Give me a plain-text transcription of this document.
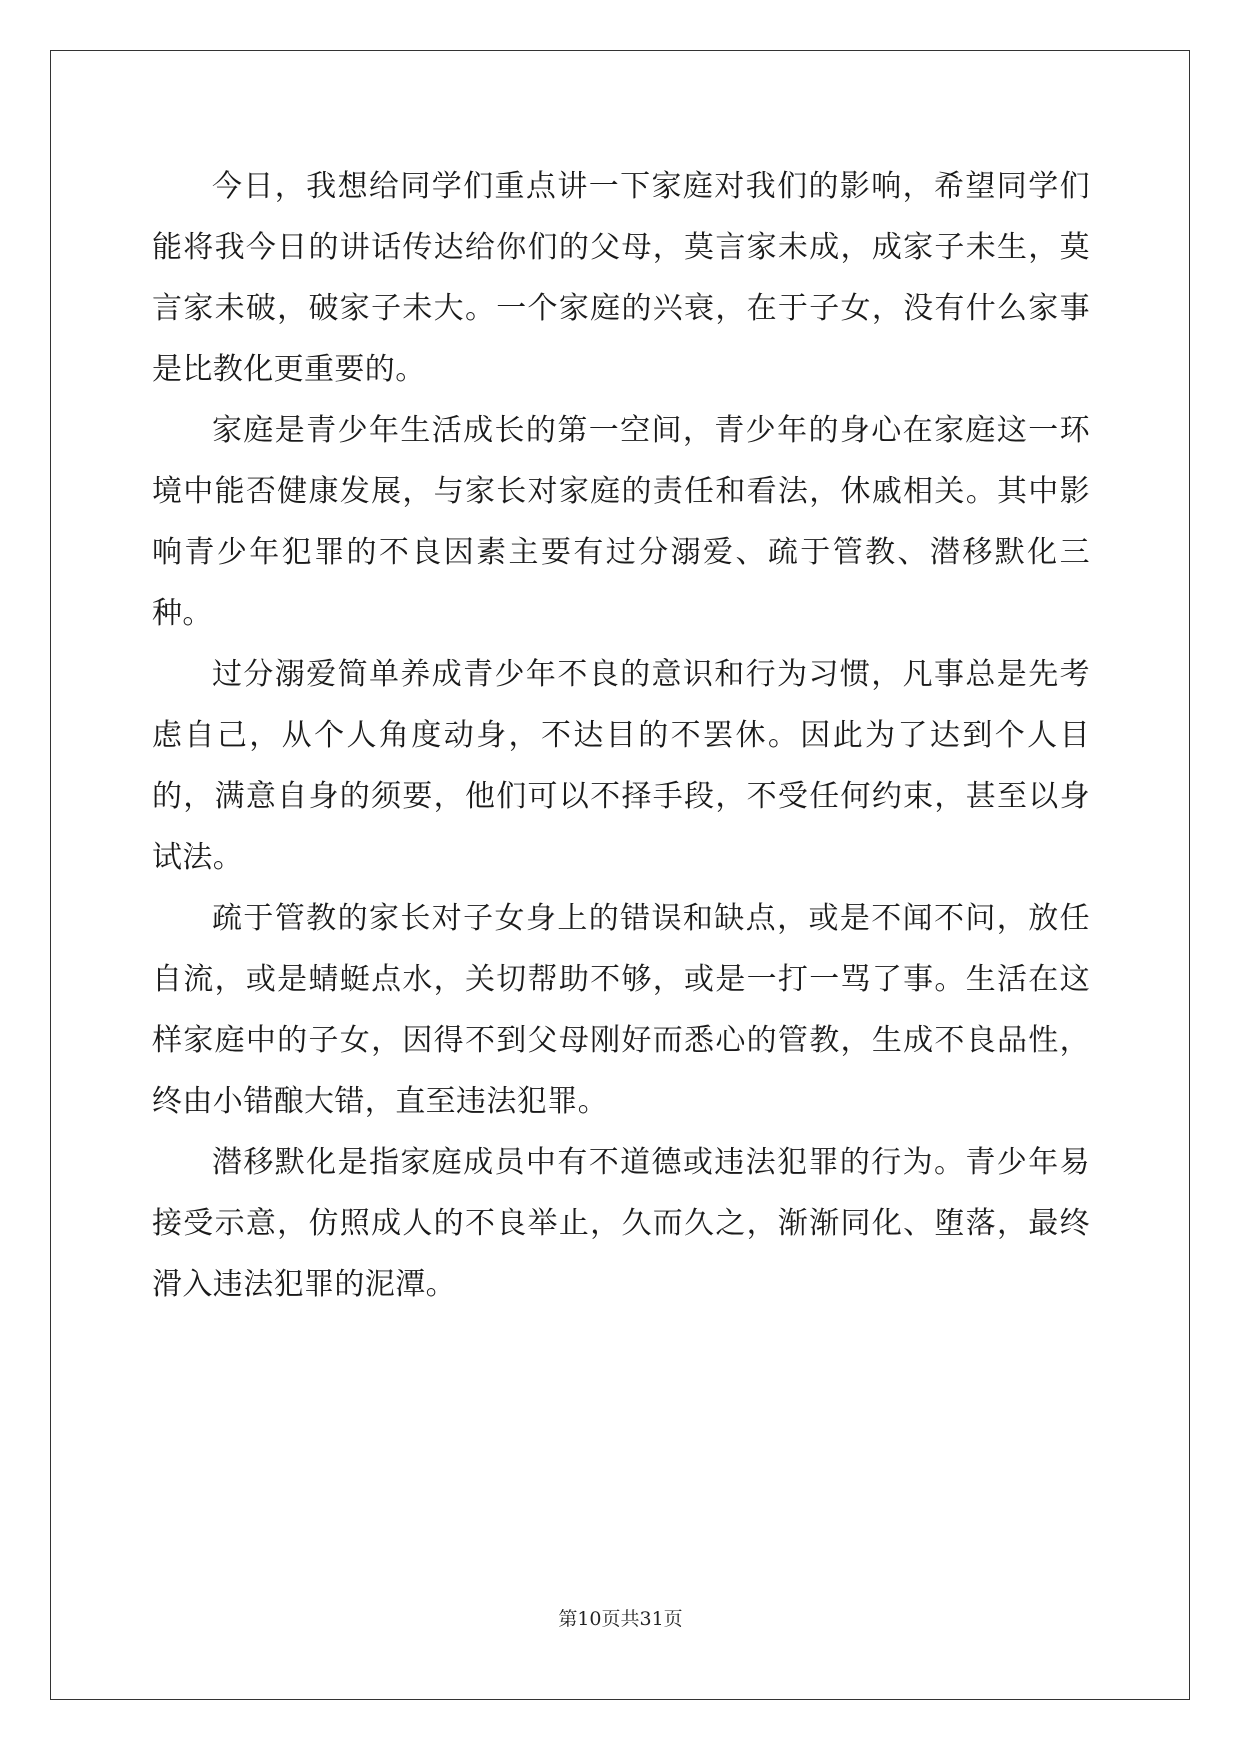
今日，我想给同学们重点讲一下家庭对我们的影响，希望同学们能将我今日的讲话传达给你们的父母，莫言家未成，成家子未生，莫言家未破，破家子未大。一个家庭的兴衰，在于子女，没有什么家事是比教化更重要的。

家庭是青少年生活成长的第一空间，青少年的身心在家庭这一环境中能否健康发展，与家长对家庭的责任和看法，休戚相关。其中影响青少年犯罪的不良因素主要有过分溺爱、疏于管教、潜移默化三种。

过分溺爱简单养成青少年不良的意识和行为习惯，凡事总是先考虑自己，从个人角度动身，不达目的不罢休。因此为了达到个人目的，满意自身的须要，他们可以不择手段，不受任何约束，甚至以身试法。

疏于管教的家长对子女身上的错误和缺点，或是不闻不问，放任自流，或是蜻蜓点水，关切帮助不够，或是一打一骂了事。生活在这样家庭中的子女，因得不到父母刚好而悉心的管教，生成不良品性，终由小错酿大错，直至违法犯罪。

潜移默化是指家庭成员中有不道德或违法犯罪的行为。青少年易接受示意，仿照成人的不良举止，久而久之，渐渐同化、堕落，最终滑入违法犯罪的泥潭。

第10页共31页
